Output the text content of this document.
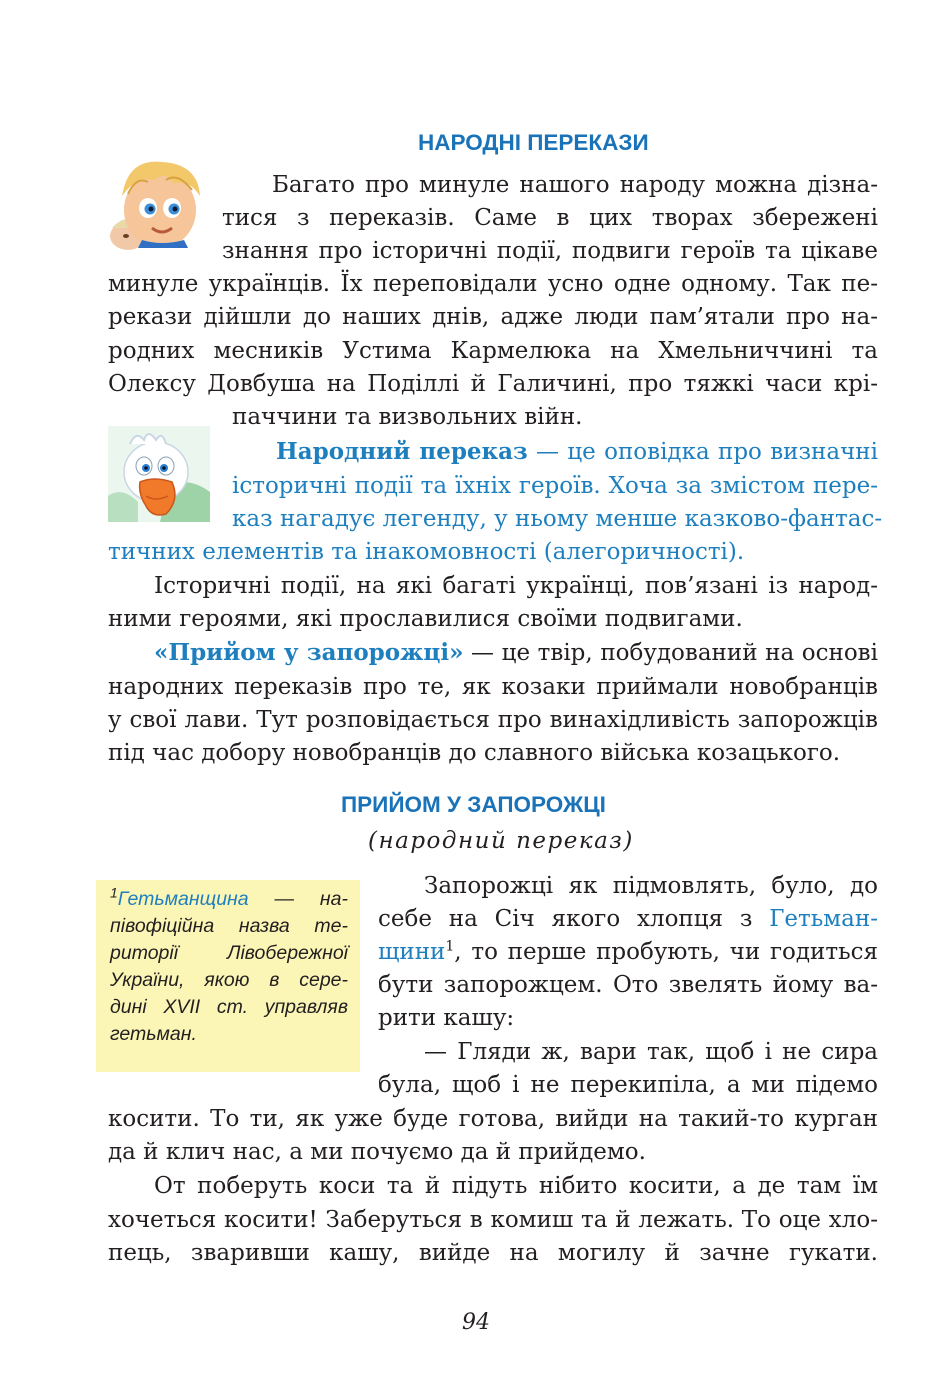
НАРОДНІ ПЕРЕКАЗИ
Багато про минуле нашого народу можна дізна-
тися з переказів. Саме в цих творах збережені
знання про історичні події, подвиги героїв та цікаве
минуле українців. Їх переповідали усно одне одному. Так пе-
рекази дійшли до наших днів, адже люди пам’ятали про на-
родних месників Устима Кармелюка на Хмельниччині та
Олексу Довбуша на Поділлі й Галичині, про тяжкі часи крі-
паччини та визвольних війн.
Народний переказ — це оповідка про визначні
історичні події та їхніх героїв. Хоча за змістом пере-
каз нагадує легенду, у ньому менше казково-фантас-
тичних елементів та інакомовності (алегоричності).
Історичні події, на які багаті українці, пов’язані із народ-
ними героями, які прославилися своїми подвигами.
«Прийом у запорожці» — це твір, побудований на основі
народних переказів про те, як козаки приймали новобранців
у свої лави. Тут розповідається про винахідливість запорожців
під час добору новобранців до славного війська козацького.
ПРИЙОМ У ЗАПОРОЖЦІ
(народний переказ)
$^1$Гетьманщина — на-
півофіційна назва те-
риторії Лівобережної
України, якою в сере-
дині XVII ст. управляв
гетьман.
Запорожці як підмовлять, було, до
себе на Січ якого хлопця з Гетьман-
щини$^1$, то перше пробують, чи годиться
бути запорожцем. Ото звелять йому ва-
рити кашу:
— Гляди ж, вари так, щоб і не сира
була, щоб і не перекипіла, а ми підемо
косити. То ти, як уже буде готова, вийди на такий-то курган
да й клич нас, а ми почуємо да й прийдемо.
От поберуть коси та й підуть нібито косити, а де там їм
хочеться косити! Заберуться в комиш та й лежать. То оце хло-
пець, зваривши кашу, вийде на могилу й зачне гукати.
94
